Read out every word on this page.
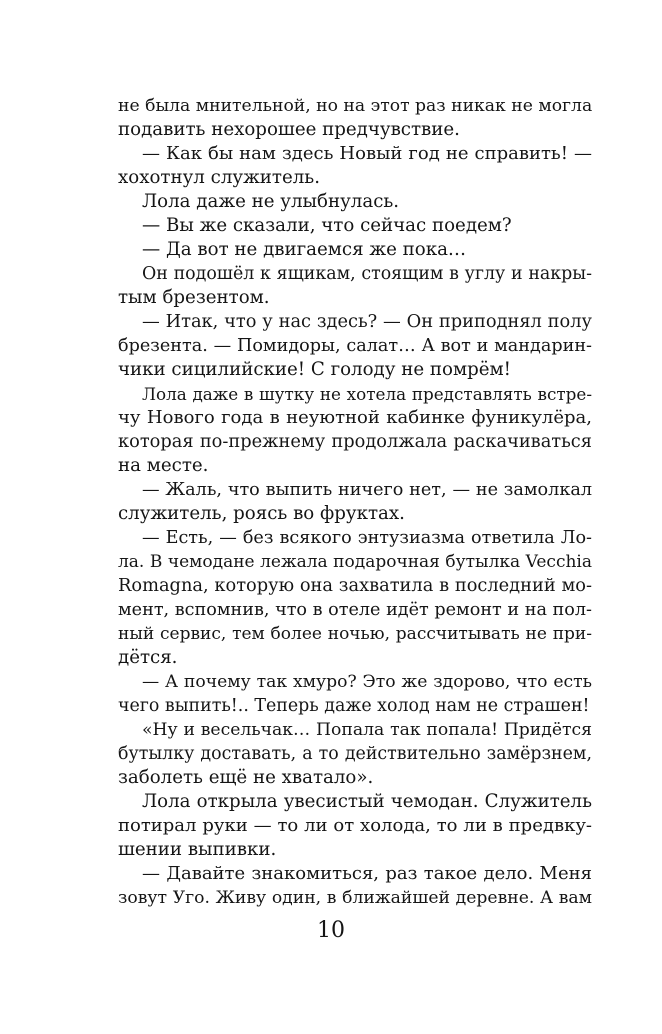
не была мнительной, но на этот раз никак не могла
подавить нехорошее предчувствие.
— Как бы нам здесь Новый год не справить! —
хохотнул служитель.
Лола даже не улыбнулась.
— Вы же сказали, что сейчас поедем?
— Да вот не двигаемся же пока…
Он подошёл к ящикам, стоящим в углу и накры-
тым брезентом.
— Итак, что у нас здесь? — Он приподнял полу
брезента. — Помидоры, салат… А вот и мандарин-
чики сицилийские! С голоду не помрём!
Лола даже в шутку не хотела представлять встре-
чу Нового года в неуютной кабинке фуникулёра,
которая по-прежнему продолжала раскачиваться
на месте.
— Жаль, что выпить ничего нет, — не замолкал
служитель, роясь во фруктах.
— Есть, — без всякого энтузиазма ответила Ло-
ла. В чемодане лежала подарочная бутылка Vecchia
Romagna, которую она захватила в последний мо-
мент, вспомнив, что в отеле идёт ремонт и на пол-
ный сервис, тем более ночью, рассчитывать не при-
дётся.
— А почему так хмуро? Это же здорово, что есть
чего выпить!.. Теперь даже холод нам не страшен!
«Ну и весельчак… Попала так попала! Придётся
бутылку доставать, а то действительно замёрзнем,
заболеть ещё не хватало».
Лола открыла увесистый чемодан. Служитель
потирал руки — то ли от холода, то ли в предвку-
шении выпивки.
— Давайте знакомиться, раз такое дело. Меня
зовут Уго. Живу один, в ближайшей деревне. А вам
10
